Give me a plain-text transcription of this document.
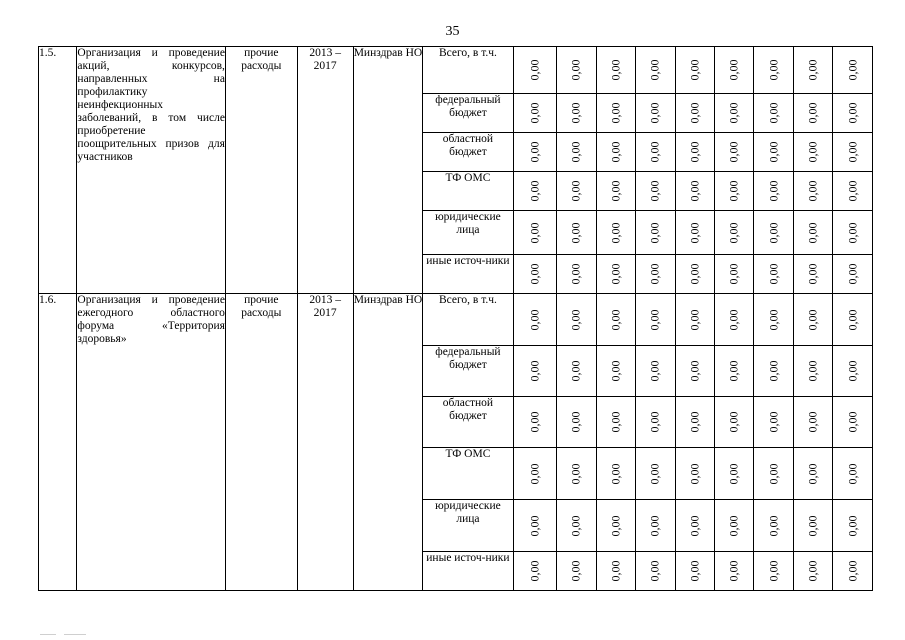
35
1.5.	Организация и проведение акций, конкурсов, направленных на профилактику неинфекционных заболеваний, в том числе приобретение поощрительных призов для участников	прочие расходы	2013 – 2017	Минздрав НО	Всего, в т.ч.	0,00	0,00	0,00	0,00	0,00	0,00	0,00	0,00	0,00

					федеральный бюджет	0,00	0,00	0,00	0,00	0,00	0,00	0,00	0,00	0,00

					областной бюджет	0,00	0,00	0,00	0,00	0,00	0,00	0,00	0,00	0,00

					ТФ ОМС	0,00	0,00	0,00	0,00	0,00	0,00	0,00	0,00	0,00

					юридические лица	0,00	0,00	0,00	0,00	0,00	0,00	0,00	0,00	0,00

					иные источ-ники	0,00	0,00	0,00	0,00	0,00	0,00	0,00	0,00	0,00

1.6.	Организация и проведение ежегодного областного форума «Территория здоровья»	прочие расходы	2013 – 2017	Минздрав НО	Всего, в т.ч.	0,00	0,00	0,00	0,00	0,00	0,00	0,00	0,00	0,00

					федеральный бюджет	0,00	0,00	0,00	0,00	0,00	0,00	0,00	0,00	0,00

					областной бюджет	0,00	0,00	0,00	0,00	0,00	0,00	0,00	0,00	0,00

					ТФ ОМС	0,00	0,00	0,00	0,00	0,00	0,00	0,00	0,00	0,00

					юридические лица	0,00	0,00	0,00	0,00	0,00	0,00	0,00	0,00	0,00

					иные источ-ники	0,00	0,00	0,00	0,00	0,00	0,00	0,00	0,00	0,00
